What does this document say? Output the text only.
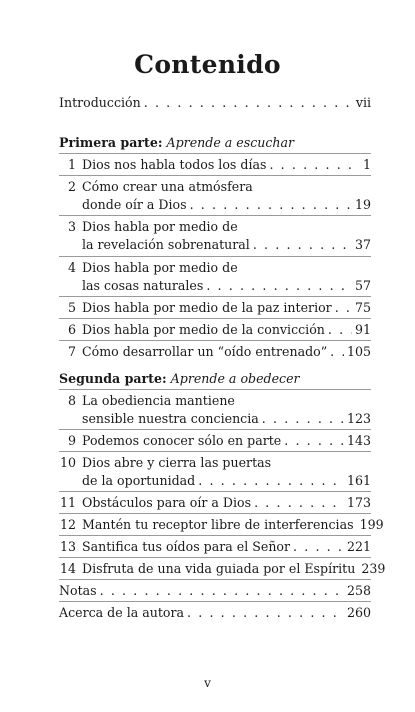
Contenido
Introducción . . .	vii
Primera parte: Aprende a escuchar
1 Dios nos habla todos los días . . .	1
2 Cómo crear una atmósfera
donde oír a Dios . . .	19
3 Dios habla por medio de
la revelación sobrenatural . . .	37
4 Dios habla por medio de
las cosas naturales . . .	57
5 Dios habla por medio de la paz interior . . . 75
6 Dios habla por medio de la convicción . . . 91
7 Cómo desarrollar un “oído entrenado” . . . 105
Segunda parte: Aprende a obedecer
8 La obediencia mantiene
sensible nuestra conciencia . . .	123
9 Podemos conocer sólo en parte . . .	143
10 Dios abre y cierra las puertas
de la oportunidad . . .	161
11 Obstáculos para oír a Dios . . .	173
12 Mantén tu receptor libre de interferencias 199
13 Santifica tus oídos para el Señor . . .	221
14 Disfruta de una vida guiada por el Espíritu 239
Notas . . .	258
Acerca de la autora . . .	260
v
